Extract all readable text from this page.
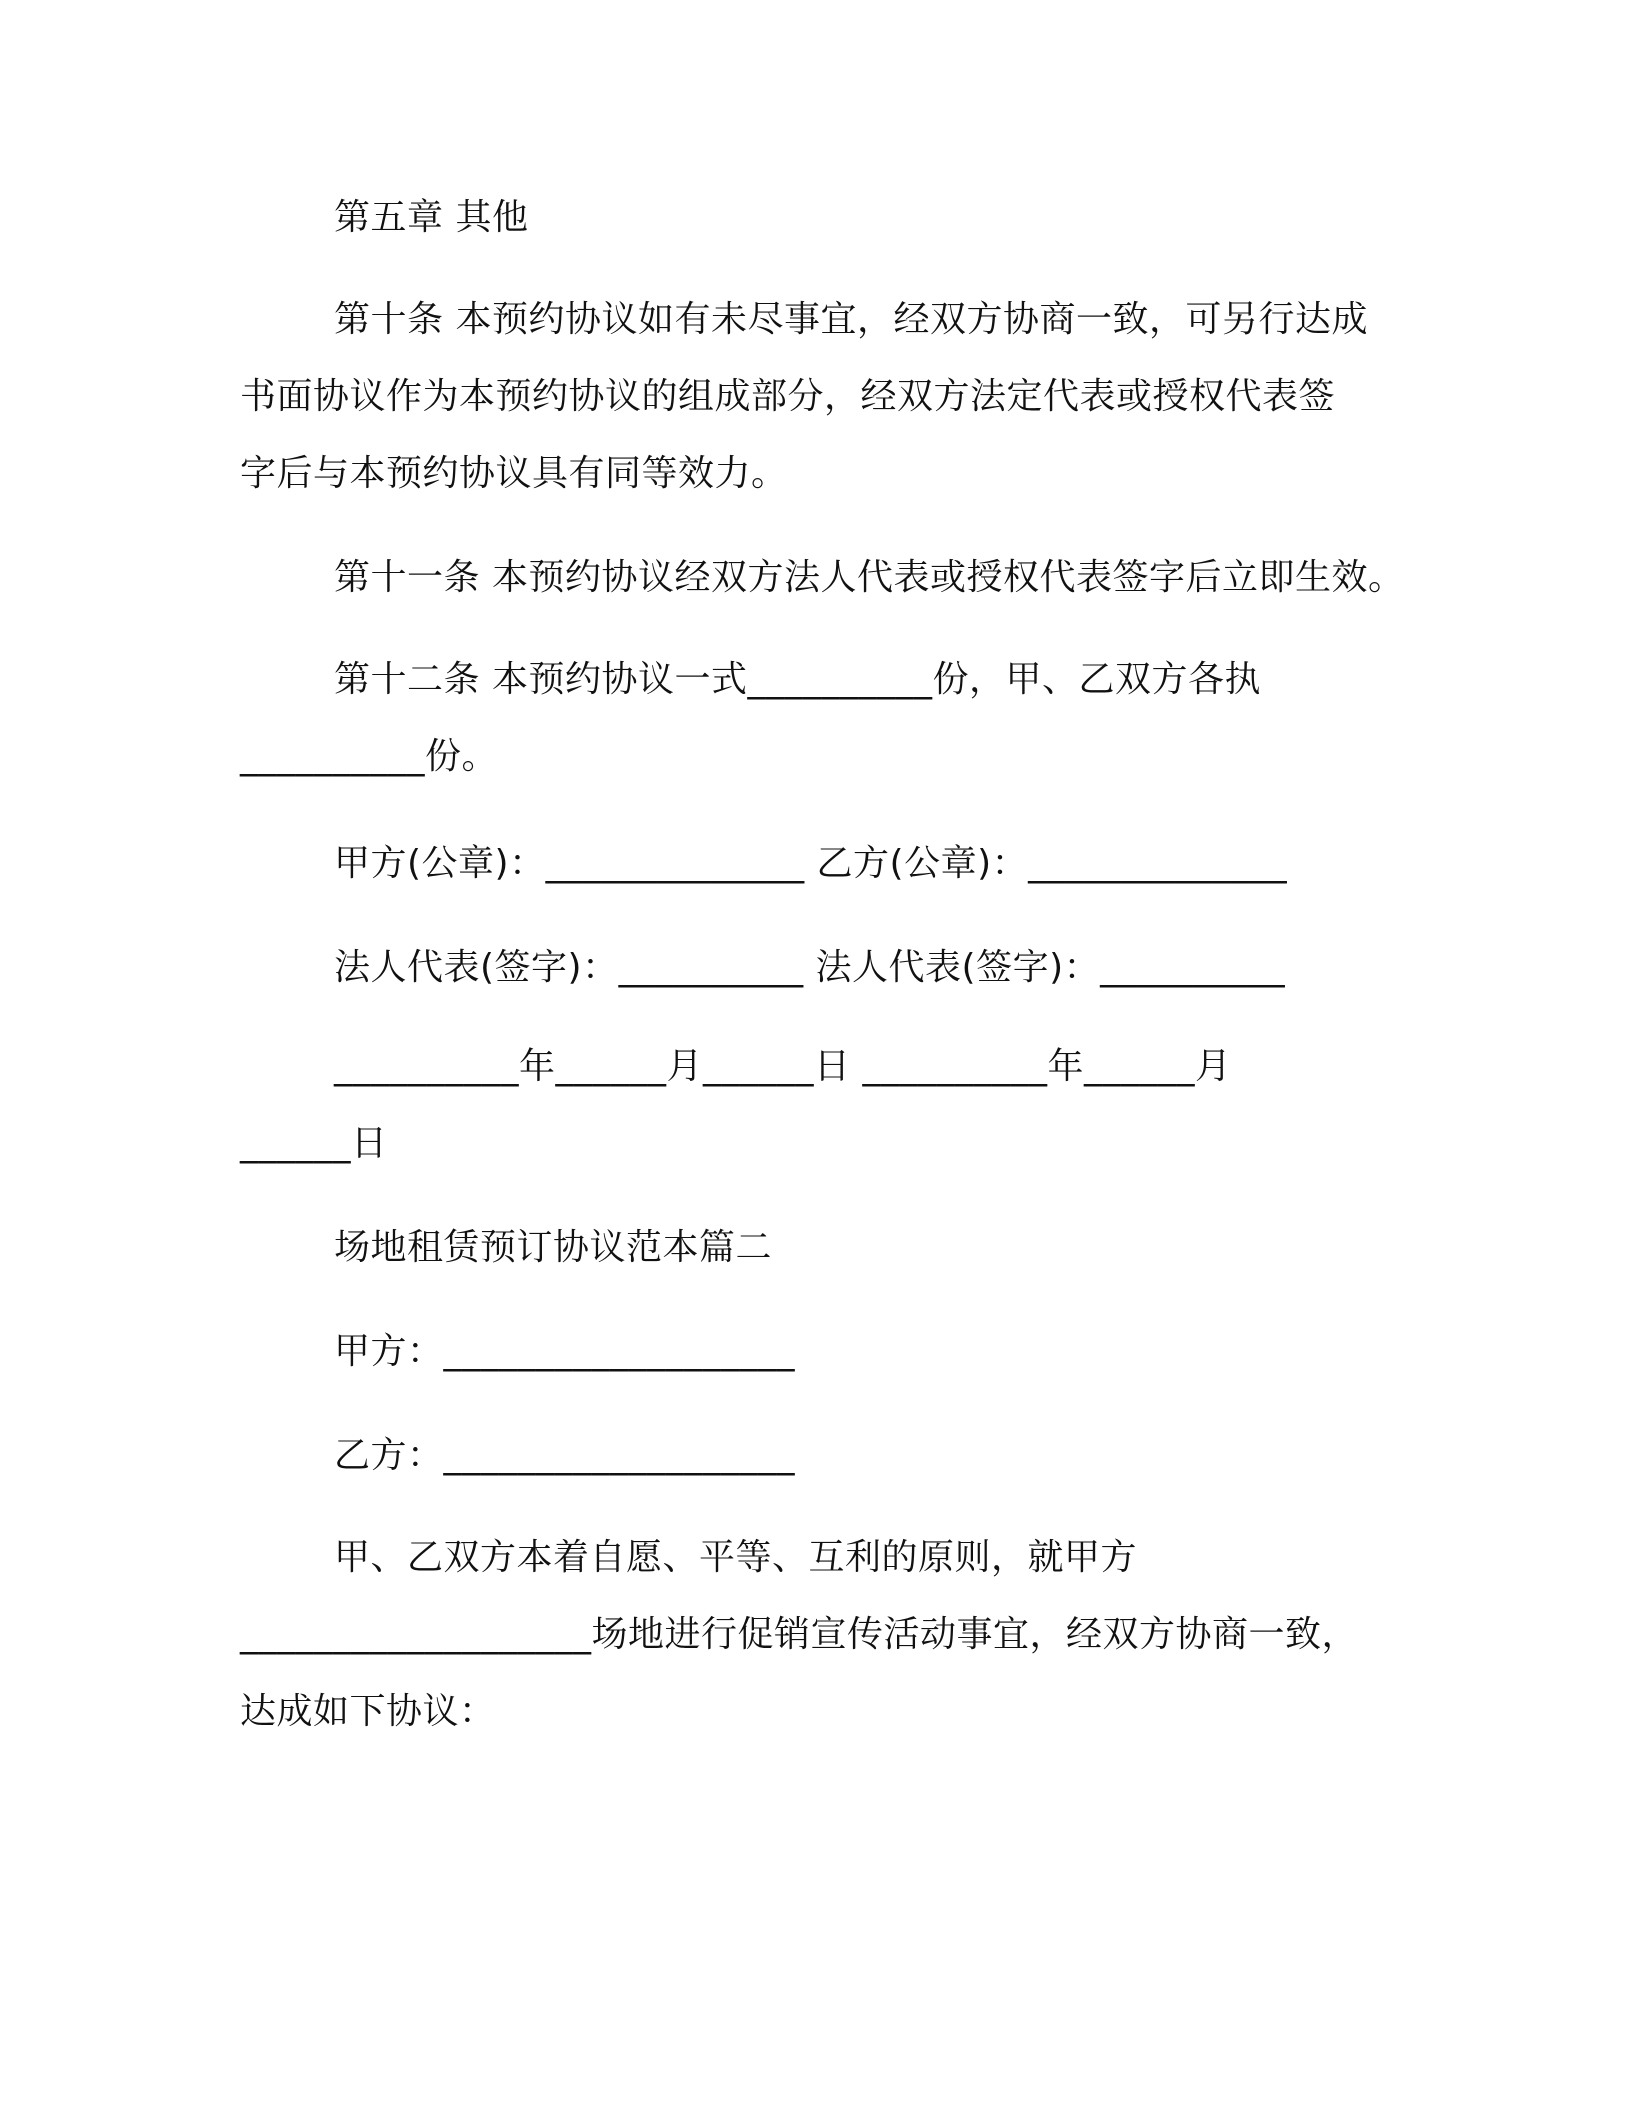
第五章 其他
第十条 本预约协议如有未尽事宜，经双方协商一致，可另行达成
书面协议作为本预约协议的组成部分，经双方法定代表或授权代表签
字后与本预约协议具有同等效力。
第十一条 本预约协议经双方法人代表或授权代表签字后立即生效。
第十二条 本预约协议一式__________份，甲、乙双方各执
__________份。
甲方(公章)：______________ 乙方(公章)：______________
法人代表(签字)：__________ 法人代表(签字)：__________
__________年______月______日 __________年______月
______日
场地租赁预订协议范本篇二
甲方：___________________
乙方：___________________
甲、乙双方本着自愿、平等、互利的原则，就甲方
___________________场地进行促销宣传活动事宜，经双方协商一致，
达成如下协议：
